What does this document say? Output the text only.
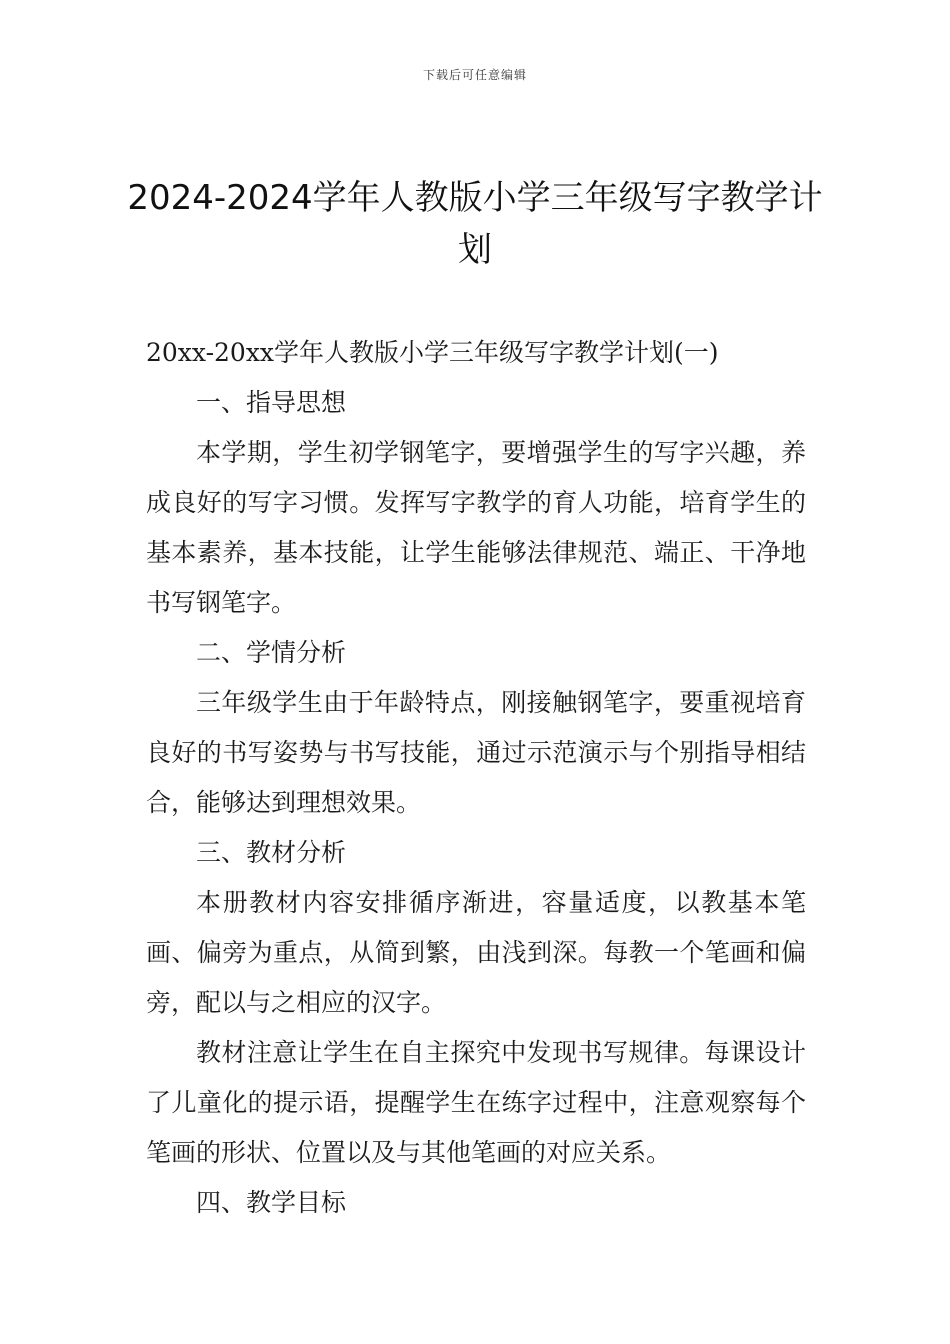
下载后可任意编辑
2024-2024学年人教版小学三年级写字教学计划

20xx-20xx学年人教版小学三年级写字教学计划(一)

一、指导思想

本学期，学生初学钢笔字，要增强学生的写字兴趣，养成良好的写字习惯。发挥写字教学的育人功能，培育学生的基本素养，基本技能，让学生能够法律规范、端正、干净地书写钢笔字。

二、学情分析

三年级学生由于年龄特点，刚接触钢笔字，要重视培育良好的书写姿势与书写技能，通过示范演示与个别指导相结合，能够达到理想效果。

三、教材分析

本册教材内容安排循序渐进，容量适度，以教基本笔画、偏旁为重点，从简到繁，由浅到深。每教一个笔画和偏旁，配以与之相应的汉字。

教材注意让学生在自主探究中发现书写规律。每课设计了儿童化的提示语，提醒学生在练字过程中，注意观察每个笔画的形状、位置以及与其他笔画的对应关系。

四、教学目标
